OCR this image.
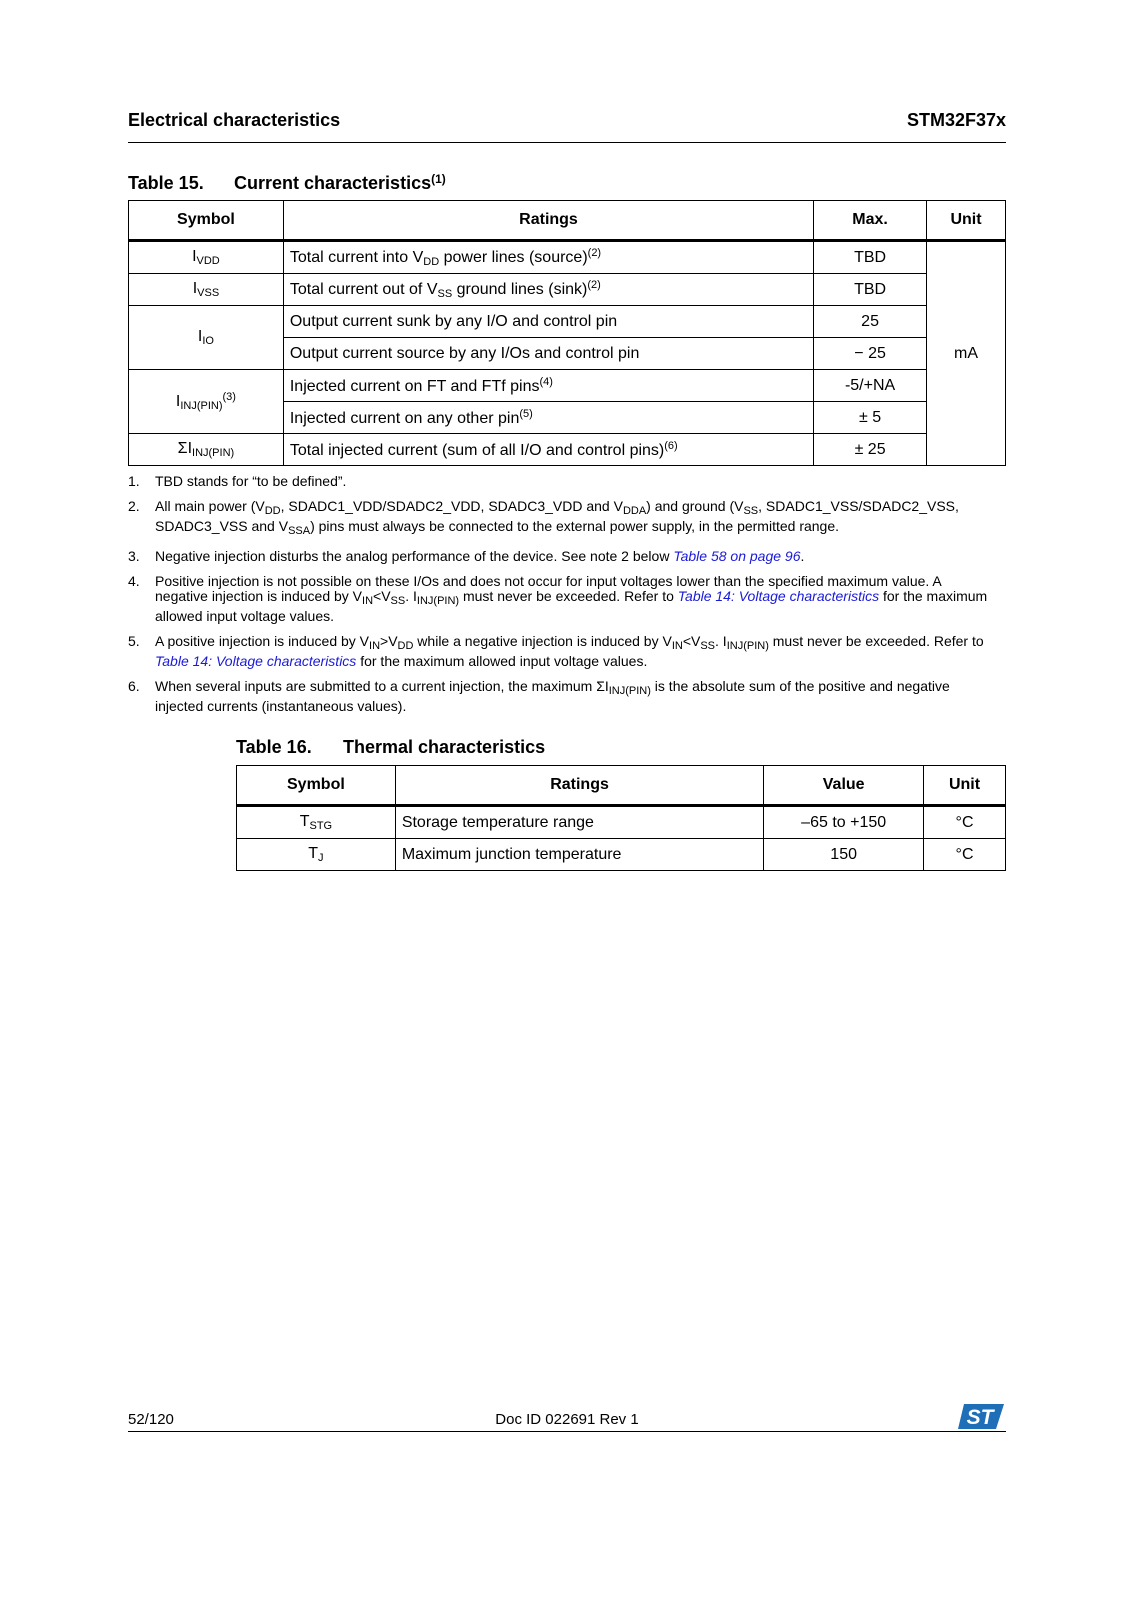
Electrical characteristics	STM32F37x
Table 15. Current characteristics$^{(1)}$
Symbol	Ratings	Max.	Unit
$I_{VDD}$	Total current into $V_{DD}$ power lines (source)$^{(2)}$	TBD	mA
$I_{VSS}$	Total current out of $V_{SS}$ ground lines $(\sin k)^{(2)}$	TBD	
$I_{IO}$	Output current sunk by any I/O and control pin	25	
	Output current source by any I/Os and control pin	− 25	
$I_{INJ(PIN)}^{(3)}$	Injected current on FT and FTf pins$^{(4)}$	-5/+NA	
	Injected current on any other pin$^{(5)}$	± 5	
$\Sigma I_{INJ(PIN)}$	Total injected current (sum of all I/O and control pins)$^{(6)}$	± 25	
1. TBD stands for “to be defined”.
2. All main power ($V_{DD}$, SDADC1_VDD/SDADC2_VDD, SDADC3_VDD and $V_{DDA}$) and ground ($V_{SS}$, SDADC1_VSS/SDADC2_VSS, SDADC3_VSS and $V_{SSA}$) pins must always be connected to the external power supply, in the permitted range.
3. Negative injection disturbs the analog performance of the device. See note 2 below Table 58 on page 96.
4. Positive injection is not possible on these I/Os and does not occur for input voltages lower than the specified maximum value. A negative injection is induced by $V_{IN}<V_{SS}$. $I_{INJ(PIN)}$ must never be exceeded. Refer to Table 14: Voltage characteristics for the maximum allowed input voltage values.
5. A positive injection is induced by $V_{IN}>V_{DD}$ while a negative injection is induced by $V_{IN}<V_{SS}$. $I_{INJ(PIN)}$ must never be exceeded. Refer to Table 14: Voltage characteristics for the maximum allowed input voltage values.
6. When several inputs are submitted to a current injection, the maximum $\Sigma I_{INJ(PIN)}$ is the absolute sum of the positive and negative injected currents (instantaneous values).
Table 16. Thermal characteristics
Symbol	Ratings	Value	Unit
$T_{STG}$	Storage temperature range	–65 to +150	°C
$T_J$	Maximum junction temperature	150	°C
52/120	Doc ID 022691 Rev 1	ST
